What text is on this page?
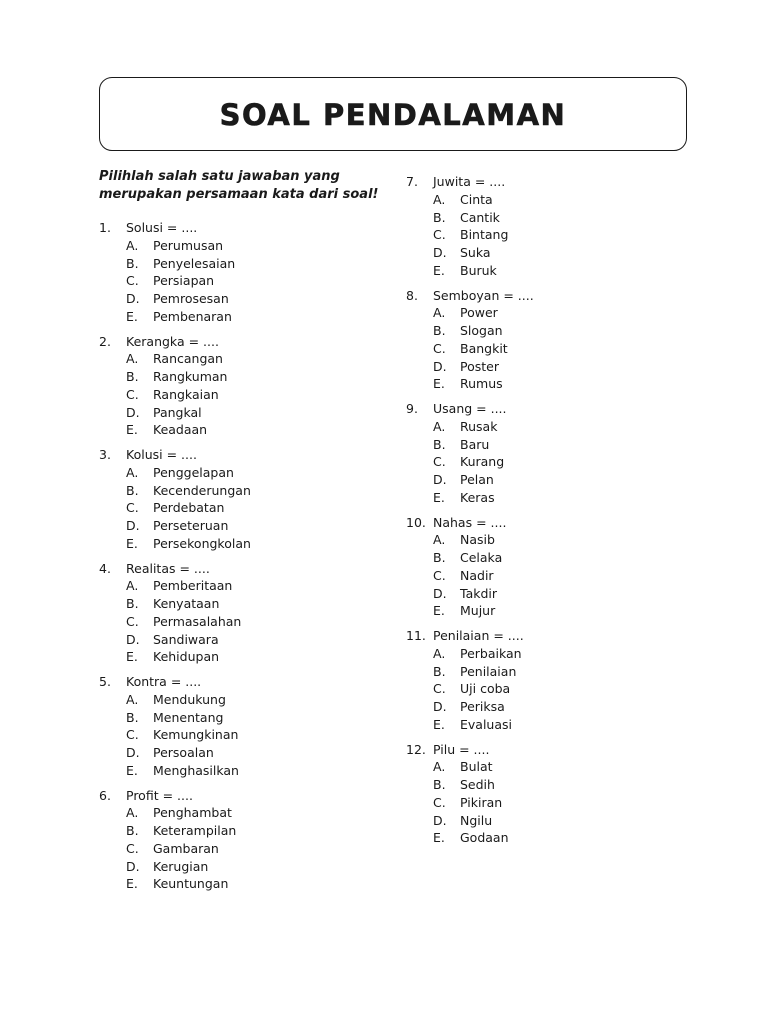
SOAL PENDALAMAN
Pilihlah salah satu jawaban yang merupakan persamaan kata dari soal!
1. Solusi = ....
A. Perumusan
B. Penyelesaian
C. Persiapan
D. Pemrosesan
E. Pembenaran
2. Kerangka = ....
A. Rancangan
B. Rangkuman
C. Rangkaian
D. Pangkal
E. Keadaan
3. Kolusi = ....
A. Penggelapan
B. Kecenderungan
C. Perdebatan
D. Perseteruan
E. Persekongkolan
4. Realitas = ....
A. Pemberitaan
B. Kenyataan
C. Permasalahan
D. Sandiwara
E. Kehidupan
5. Kontra = ....
A. Mendukung
B. Menentang
C. Kemungkinan
D. Persoalan
E. Menghasilkan
6. Profit = ....
A. Penghambat
B. Keterampilan
C. Gambaran
D. Kerugian
E. Keuntungan
7. Juwita = ....
A. Cinta
B. Cantik
C. Bintang
D. Suka
E. Buruk
8. Semboyan = ....
A. Power
B. Slogan
C. Bangkit
D. Poster
E. Rumus
9. Usang = ....
A. Rusak
B. Baru
C. Kurang
D. Pelan
E. Keras
10. Nahas = ....
A. Nasib
B. Celaka
C. Nadir
D. Takdir
E. Mujur
11. Penilaian = ....
A. Perbaikan
B. Penilaian
C. Uji coba
D. Periksa
E. Evaluasi
12. Pilu = ....
A. Bulat
B. Sedih
C. Pikiran
D. Ngilu
E. Godaan
